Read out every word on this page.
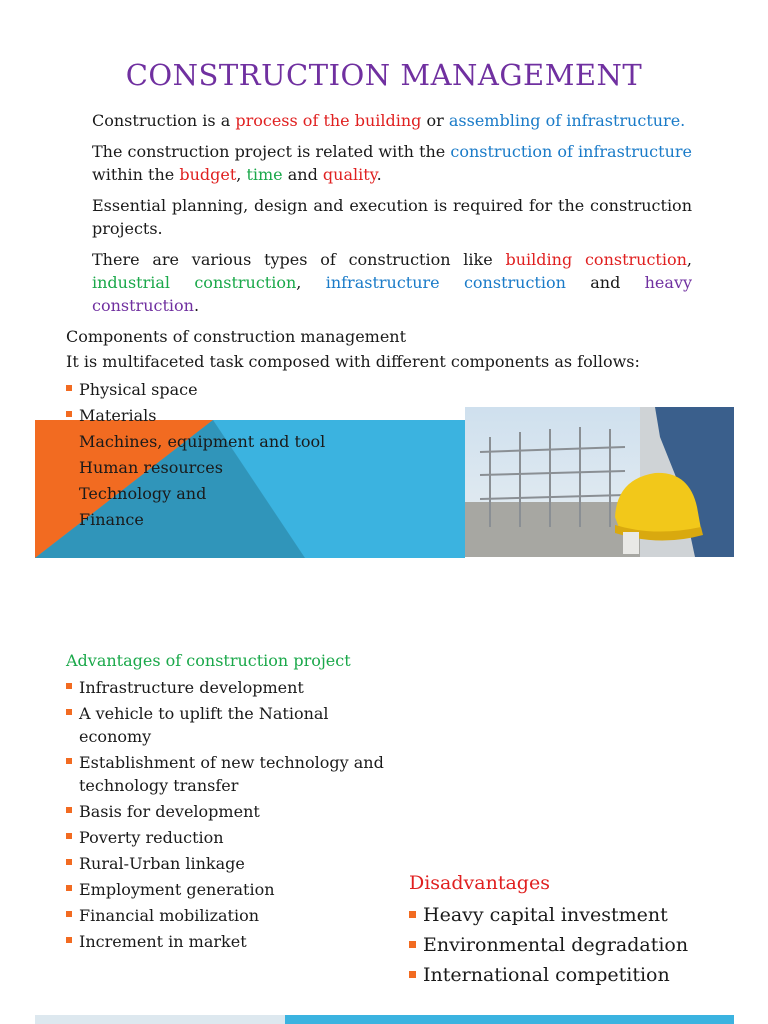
CONSTRUCTION MANAGEMENT
Construction is a process of the building or assembling of infrastructure.
The construction project is related with the construction of infrastructure within the budget, time and quality.
Essential planning, design and execution is required for the construction projects.
There are various types of construction like building construction, industrial construction, infrastructure construction and heavy construction.
Components of construction management
It is multifaceted task composed with different components as follows:
Physical space
Materials
Machines, equipment and tool
Human resources
Technology and
Finance
Advantages of construction project
Infrastructure development
A vehicle to uplift the National economy
Establishment of new technology and technology transfer
Basis for development
Poverty reduction
Rural-Urban linkage
Employment generation
Financial mobilization
Increment in market
Disadvantages
Heavy capital investment
Environmental degradation
International competition
